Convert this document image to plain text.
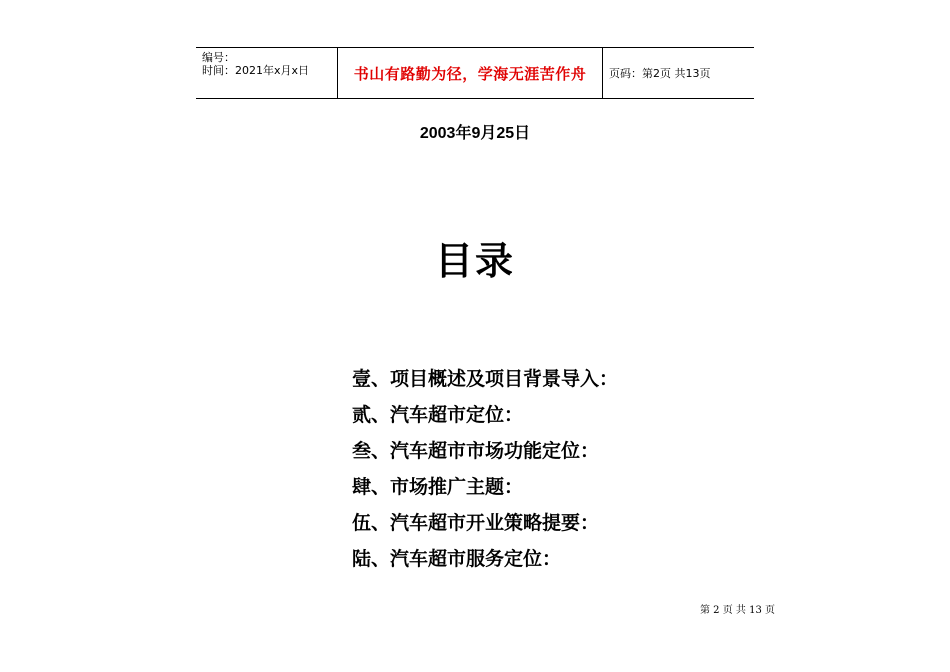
编号：
时间：2021年x月x日	书山有路勤为径，学海无涯苦作舟	页码：第2页 共13页
2003年9月25日
目录
壹、项目概述及项目背景导入：
贰、汽车超市定位：
叁、汽车超市市场功能定位：
肆、市场推广主题：
伍、汽车超市开业策略提要：
陆、汽车超市服务定位：
第 2 页 共 13 页
